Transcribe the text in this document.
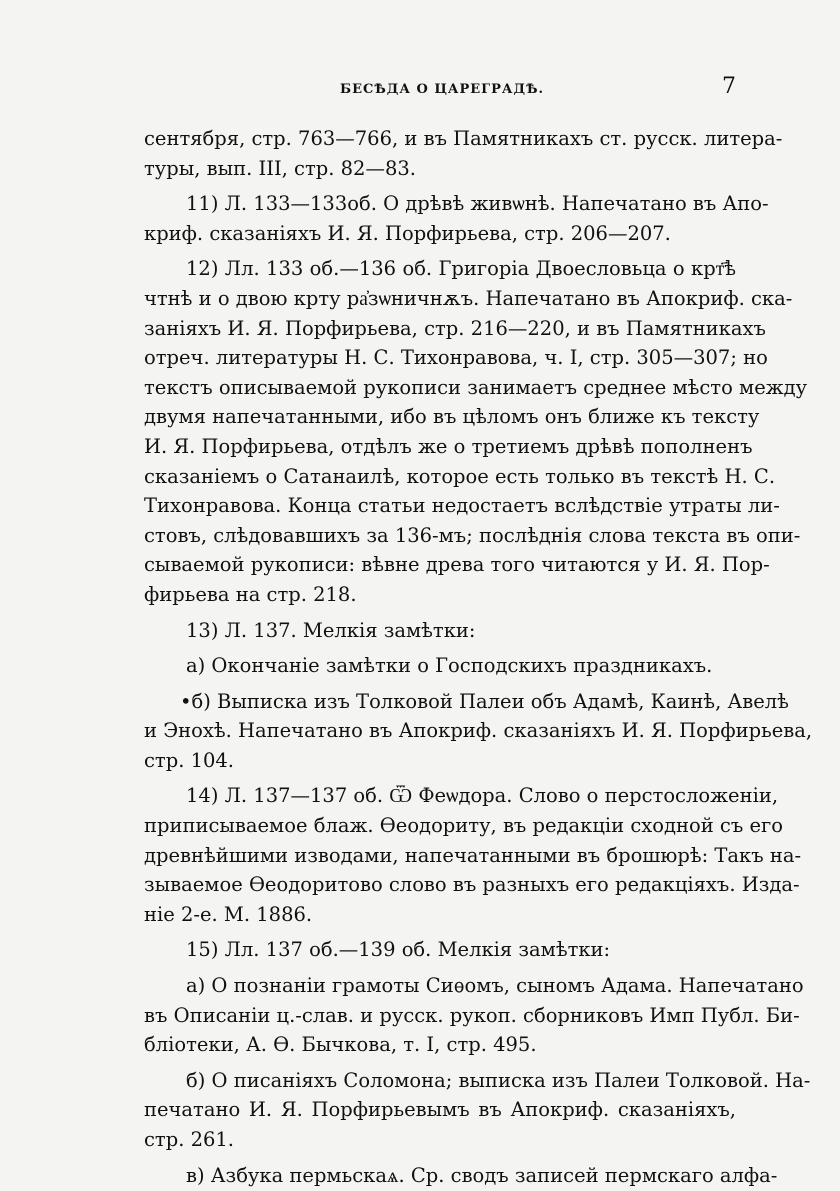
БЕСѢДА О ЦАРЕГРАДѢ.	7
сентября, стр. 763—766, и въ Памятникахъ ст. русск. литера-
туры, вып. III, стр. 82—83.
11) Л. 133—133об. О дрѣвѣ живѡнѣ. Напечатано въ Апо-
криф. сказаніяхъ И. Я. Порфирьева, стр. 206—207.
12) Лл. 133 об.—136 об. Григоріа Двоесловьца о крт҃ѣ
чтнѣ и о двою крту ра҆зѡничнѫъ. Напечатано въ Апокриф. ска-
заніяхъ И. Я. Порфирьева, стр. 216—220, и въ Памятникахъ
отреч. литературы Н. С. Тихонравова, ч. I, стр. 305—307; но
текстъ описываемой рукописи занимаетъ среднее мѣсто между
двумя напечатанными, ибо въ цѣломъ онъ ближе къ тексту
И. Я. Порфирьева, отдѣлъ же о третиемъ дрѣвѣ пополненъ
сказаніемъ о Сатанаилѣ, которое есть только въ текстѣ Н. С.
Тихонравова. Конца статьи недостаетъ вслѣдствіе утраты ли-
стовъ, слѣдовавшихъ за 136-мъ; послѣднія слова текста въ опи-
сываемой рукописи: вѣвне древа того читаются у И. Я. Пор-
фирьева на стр. 218.
13) Л. 137. Мелкія замѣтки:
а) Окончаніе замѣтки о Господскихъ праздникахъ.
•б) Выписка изъ Толковой Палеи объ Адамѣ, Каинѣ, Авелѣ
и Энохѣ. Напечатано въ Апокриф. сказаніяхъ И. Я. Порфирьева,
стр. 104.
14) Л. 137—137 об. Ѿ Феѡдора. Слово о перстосложеніи,
приписываемое блаж. Өеодориту, въ редакціи сходной съ его
древнѣйшими изводами, напечатанными въ брошюрѣ: Такъ на-
зываемое Өеодоритово слово въ разныхъ его редакціяхъ. Изда-
ніе 2-е. М. 1886.
15) Лл. 137 об.—139 об. Мелкія замѣтки:
а) О познаніи грамоты Сиѳомъ, сыномъ Адама. Напечатано
въ Описаніи ц.-слав. и русск. рукоп. сборниковъ Имп Публ. Би-
бліотеки, А. Ө. Бычкова, т. I, стр. 495.
б) О писаніяхъ Соломона; выписка изъ Палеи Толковой. На-
печатано И. Я. Порфирьевымъ въ Апокриф. сказаніяхъ,
стр. 261.
в) Азбука пермьскаѧ. Ср. сводъ записей пермскаго алфа-
